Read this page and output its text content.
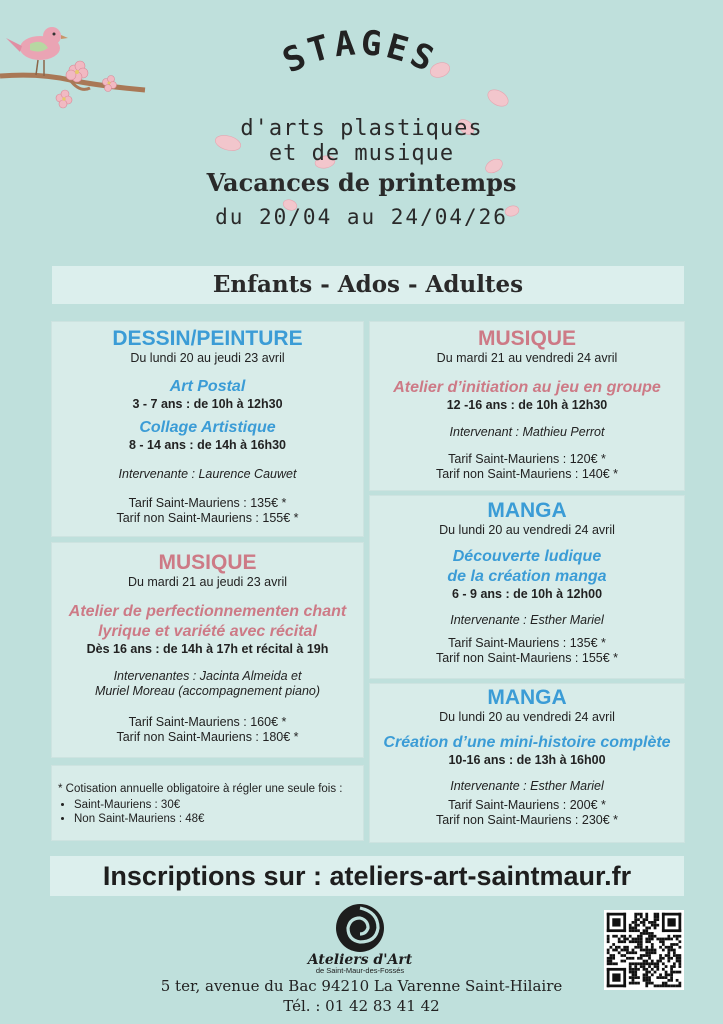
STAGES
d'arts plastiques
et de musique
Vacances de printemps
du 20/04 au 24/04/26
Enfants - Ados - Adultes
DESSIN/PEINTURE
Du lundi 20 au jeudi 23 avril
Art Postal
3 - 7 ans : de 10h à 12h30
Collage Artistique
8 - 14 ans : de 14h à 16h30
Intervenante : Laurence Cauwet
Tarif Saint-Mauriens : 135€ *
Tarif non Saint-Mauriens : 155€ *
MUSIQUE
Du mardi 21 au jeudi 23 avril
Atelier de perfectionnementen chant
lyrique et variété avec récital
Dès 16 ans : de 14h à 17h et récital à 19h
Intervenantes : Jacinta Almeida et
Muriel Moreau (accompagnement piano)
Tarif Saint-Mauriens : 160€ *
Tarif non Saint-Mauriens : 180€ *
* Cotisation annuelle obligatoire à régler une seule fois :
• Saint-Mauriens : 30€
• Non Saint-Mauriens : 48€
MUSIQUE
Du mardi 21 au vendredi 24 avril
Atelier d’initiation au jeu en groupe
12 -16 ans : de 10h à 12h30
Intervenant : Mathieu Perrot
Tarif Saint-Mauriens : 120€ *
Tarif non Saint-Mauriens : 140€ *
MANGA
Du lundi 20 au vendredi 24 avril
Découverte ludique
de la création manga
6 - 9 ans : de 10h à 12h00
Intervenante : Esther Mariel
Tarif Saint-Mauriens : 135€ *
Tarif non Saint-Mauriens : 155€ *
MANGA
Du lundi 20 au vendredi 24 avril
Création d’une mini-histoire complète
10-16 ans : de 13h à 16h00
Intervenante : Esther Mariel
Tarif Saint-Mauriens : 200€ *
Tarif non Saint-Mauriens : 230€ *
Inscriptions sur : ateliers-art-saintmaur.fr
Ateliers d'Art
de Saint-Maur-des-Fossés
5 ter, avenue du Bac 94210 La Varenne Saint-Hilaire
Tél. : 01 42 83 41 42
